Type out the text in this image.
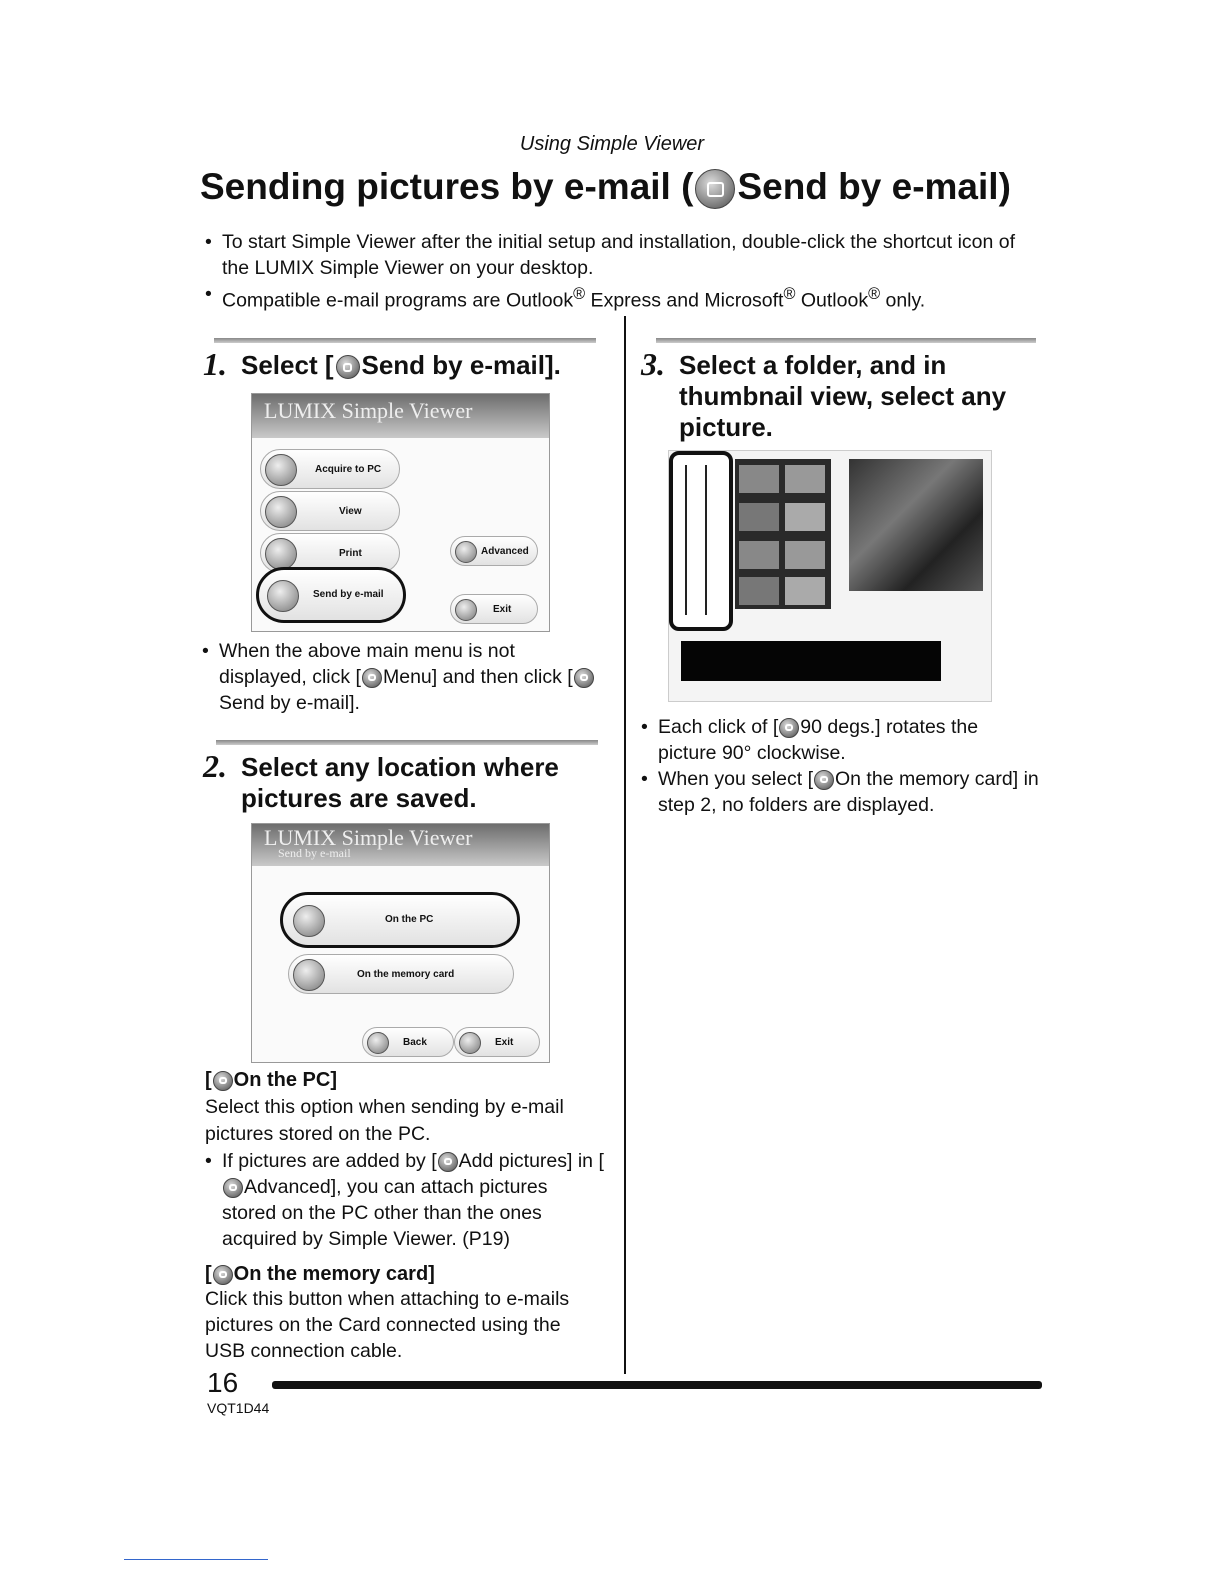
Using Simple Viewer
Sending pictures by e-mail ( Send by e-mail)
• To start Simple Viewer after the initial setup and installation, double-click the shortcut icon of the LUMIX Simple Viewer on your desktop.
• Compatible e-mail programs are Outlook® Express and Microsoft® Outlook® only.
1. Select [ Send by e-mail].
LUMIX Simple Viewer
Acquire to PC
View
Print
Send by e-mail
Advanced
Exit
• When the above main menu is not displayed, click [ Menu] and then click [Send by e-mail].
2. Select any location where pictures are saved.
LUMIX Simple Viewer
Send by e-mail
On the PC
On the memory card
Back	Exit
[ On the PC]
Select this option when sending by e-mail pictures stored on the PC.
• If pictures are added by [ Add pictures] in [Advanced], you can attach pictures stored on the PC other than the ones acquired by Simple Viewer. (P19)
[ On the memory card]
Click this button when attaching to e-mails pictures on the Card connected using the USB connection cable.
3. Select a folder, and in thumbnail view, select any picture.
• Each click of [ 90 degs.] rotates the picture 90° clockwise.
• When you select [ On the memory card] in step 2, no folders are displayed.
16
VQT1D44
